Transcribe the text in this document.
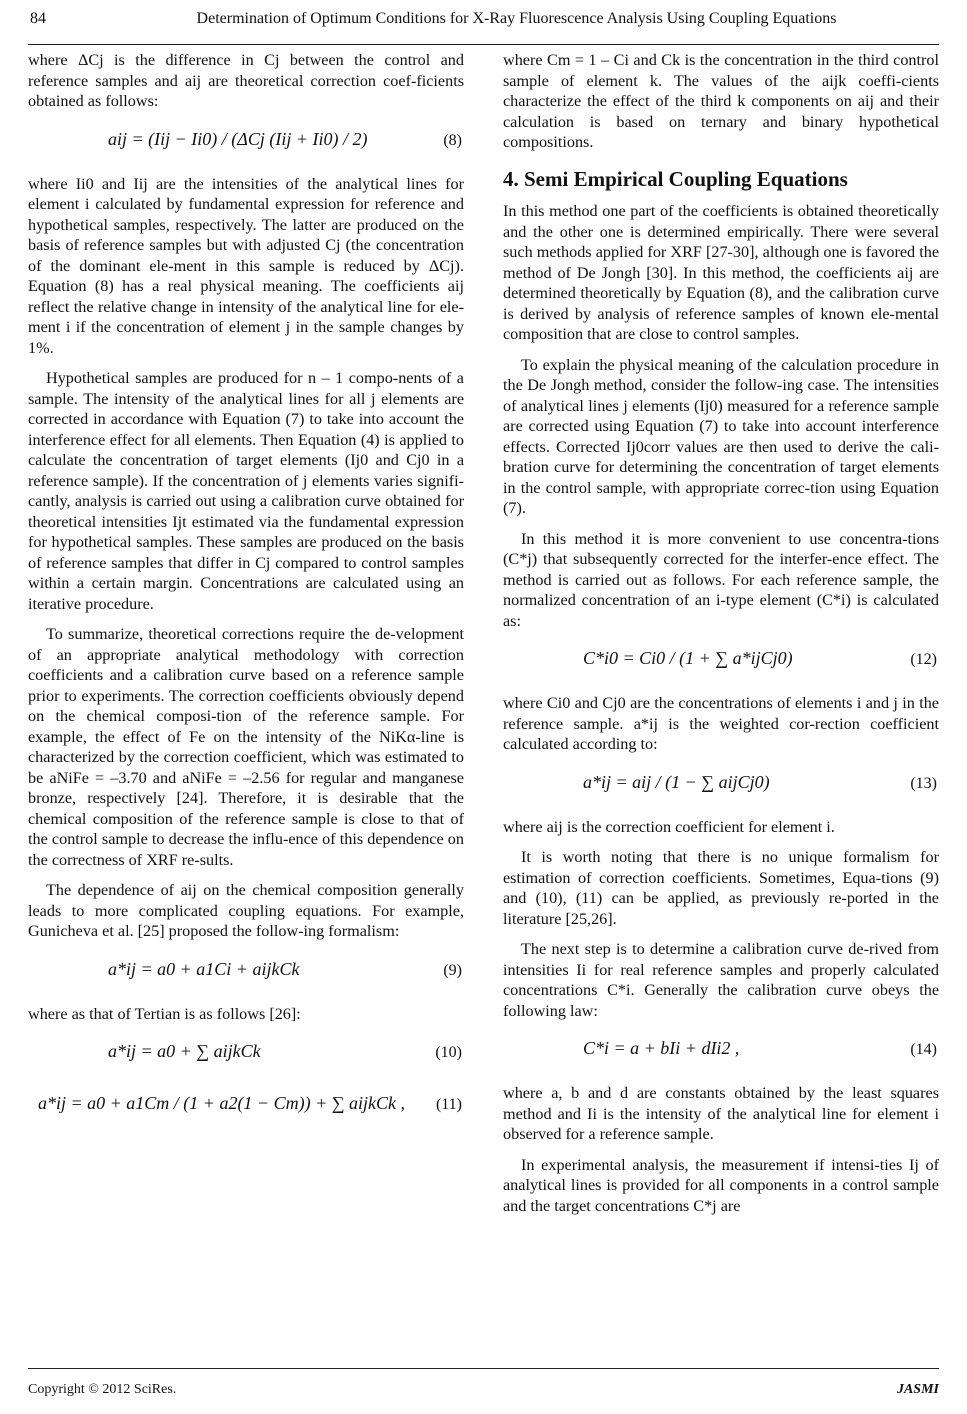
84	Determination of Optimum Conditions for X-Ray Fluorescence Analysis Using Coupling Equations

where ΔCj is the difference in Cj between the control and reference samples and aij are theoretical correction coef-ficients obtained as follows:

aij = (Iij − Ii0) / (ΔCj (Iij + Ii0) / 2)	(8)

where Ii0 and Iij are the intensities of the analytical lines for element i calculated by fundamental expression for reference and hypothetical samples, respectively. The latter are produced on the basis of reference samples but with adjusted Cj (the concentration of the dominant ele-ment in this sample is reduced by ΔCj). Equation (8) has a real physical meaning. The coefficients aij reflect the relative change in intensity of the analytical line for ele-ment i if the concentration of element j in the sample changes by 1%.

Hypothetical samples are produced for n – 1 compo-nents of a sample. The intensity of the analytical lines for all j elements are corrected in accordance with Equation (7) to take into account the interference effect for all elements. Then Equation (4) is applied to calculate the concentration of target elements (Ij0 and Cj0 in a reference sample). If the concentration of j elements varies signifi-cantly, analysis is carried out using a calibration curve obtained for theoretical intensities Ijt estimated via the fundamental expression for hypothetical samples. These samples are produced on the basis of reference samples that differ in Cj compared to control samples within a certain margin. Concentrations are calculated using an iterative procedure.

To summarize, theoretical corrections require the de-velopment of an appropriate analytical methodology with correction coefficients and a calibration curve based on a reference sample prior to experiments. The correction coefficients obviously depend on the chemical composi-tion of the reference sample. For example, the effect of Fe on the intensity of the NiKα-line is characterized by the correction coefficient, which was estimated to be aNiFe = –3.70 and aNiFe = –2.56 for regular and manganese bronze, respectively [24]. Therefore, it is desirable that the chemical composition of the reference sample is close to that of the control sample to decrease the influ-ence of this dependence on the correctness of XRF re-sults.

The dependence of aij on the chemical composition generally leads to more complicated coupling equations. For example, Gunicheva et al. [25] proposed the follow-ing formalism:

a*ij = a0 + a1Ci + aijkCk	(9)

where as that of Tertian is as follows [26]:

a*ij = a0 + ∑ aijkCk	(10)
a*ij = a0 + a1Cm / (1 + a2(1 − Cm)) + ∑ aijkCk , (11)

where Cm = 1 – Ci and Ck is the concentration in the third control sample of element k. The values of the aijk coeffi-cients characterize the effect of the third k components on aij and their calculation is based on ternary and binary hypothetical compositions.

4. Semi Empirical Coupling Equations

In this method one part of the coefficients is obtained theoretically and the other one is determined empirically. There were several such methods applied for XRF [27-30], although one is favored the method of De Jongh [30]. In this method, the coefficients aij are determined theoretically by Equation (8), and the calibration curve is derived by analysis of reference samples of known ele-mental composition that are close to control samples.

To explain the physical meaning of the calculation procedure in the De Jongh method, consider the follow-ing case. The intensities of analytical lines j elements (Ij0) measured for a reference sample are corrected using Equation (7) to take into account interference effects. Corrected Ij0corr values are then used to derive the cali-bration curve for determining the concentration of target elements in the control sample, with appropriate correc-tion using Equation (7).

In this method it is more convenient to use concentra-tions (C*j) that subsequently corrected for the interfer-ence effect. The method is carried out as follows. For each reference sample, the normalized concentration of an i-type element (C*i) is calculated as:

C*i0 = Ci0 / (1 + ∑ a*ijCj0)	(12)

where Ci0 and Cj0 are the concentrations of elements i and j in the reference sample. a*ij is the weighted cor-rection coefficient calculated according to:

a*ij = aij / (1 − ∑ aijCj0)	(13)

where aij is the correction coefficient for element i.

It is worth noting that there is no unique formalism for estimation of correction coefficients. Sometimes, Equa-tions (9) and (10), (11) can be applied, as previously re-ported in the literature [25,26].

The next step is to determine a calibration curve de-rived from intensities Ii for real reference samples and properly calculated concentrations C*i. Generally the calibration curve obeys the following law:

C*i = a + bIi + dIi2 ,	(14)

where a, b and d are constants obtained by the least squares method and Ii is the intensity of the analytical line for element i observed for a reference sample.

In experimental analysis, the measurement if intensi-ties Ij of analytical lines is provided for all components in a control sample and the target concentrations C*j are

Copyright © 2012 SciRes.	JASMI
